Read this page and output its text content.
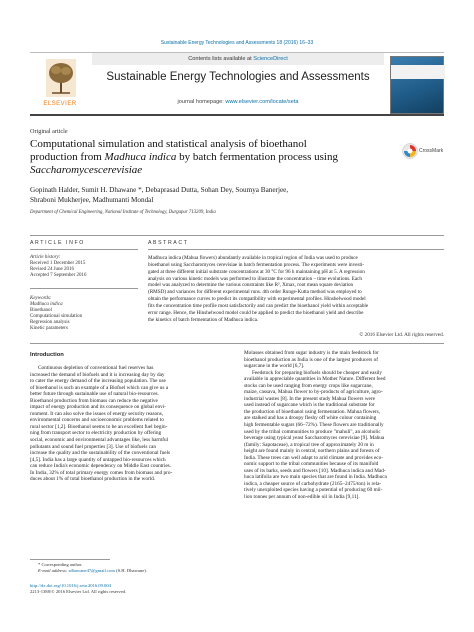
Sustainable Energy Technologies and Assessments 18 (2016) 16–33
ELSEVIER
Contents lists available at ScienceDirect
Sustainable Energy Technologies and Assessments
journal homepage: www.elsevier.com/locate/seta
Original article
Computational simulation and statistical analysis of bioethanol
production from Madhuca indica by batch fermentation process using
Saccharomycescerevisiae
CrossMark
Gopinath Halder, Sumit H. Dhawane *, Debaprasad Dutta, Sohan Dey, Soumya Banerjee,
Shraboni Mukherjee, Madhumanti Mondal
Department of Chemical Engineering, National Institute of Technology, Durgapur 713209, India
ARTICLE INFO	ABSTRACT
Article history:
Received 1 December 2015
Revised 24 June 2016
Accepted 7 September 2016
Keywords:
Madhuca indica
Bioethanol
Computational simulation
Regression analysis
Kinetic parameters
Madhuca indica (Mahua flowers) abundantly available in tropical region of India was used to produce
bioethanol using Saccharomyces cerevisiae in batch fermentation process. The experiments were investi-
gated at three different initial substrate concentrations at 30 °C for 96 h maintaining pH at 5. A regression
analysis on various kinetic models was performed to illustrate the concentration – time evolutions. Each
model was analyzed to determine the various constraints like R², Xmax, root mean square deviation
(RMSD) and variances for different experimental runs. 4th order Runge-Kutta method was employed to
obtain the performance curves to predict its compatibility with experimental profiles. Hinshelwood model
fits the concentration time profile most satisfactorily and can predict the bioethanol yield within acceptable
error range. Hence, the Hinshelwood model could be applied to predict the bioethanol yield and describe
the kinetics of batch fermentation of Madhuca indica.
© 2016 Elsevier Ltd. All rights reserved.
Introduction
Continuous depletion of conventional fuel reserves has
increased the demand of biofuels and it is increasing day by day
to cater the energy demand of the increasing population. The use
of bioethanol is such an example of a Biofuel which can give us a
better future through sustainable use of natural bio-resources.
Bioethanol production from biomass can reduce the negative
impact of energy production and its consequence on global envi-
ronment. It can also solve the issues of energy security reasons,
environmental concerns and socioeconomic problems related to
rural sector [1,2]. Bioethanol seems to be an excellent fuel begin-
ning from transport sector to electricity production by offering
social, economic and environmental advantages like, less harmful
pollutants and sound fuel properties [3]. Use of biofuels can
increase the quality and the sustainability of the conventional fuels
[4,5]. India has a large quantity of untapped bio-resources which
can reduce India's economic dependency on Middle East countries.
In India, 32% of total primary energy comes from biomass and pro-
duces about 1% of total bioethanol production in the world.
Molasses obtained from sugar industry is the main feedstock for
bioethanol production as India is one of the largest producers of
sugarcane in the world [6,7].
Feedstock for preparing biofuels should be cheaper and easily
available in appreciable quantities in Mother Nature. Different feed
stocks can be used ranging from energy crops like sugarcane,
maize, cassava, Mahua flower to by-products of agriculture, agro-
industrial wastes [8]. In the present study Mahua flowers were
used instead of sugarcane which is the traditional substrate for
the production of bioethanol using fermentation. Mahua flowers,
are stalked and has a droopy fleshy off white colour containing
high fermentable sugars (66–72%). These flowers are traditionally
used by the tribal communities to produce "mahuli", an alcoholic
beverage using typical yeast Saccharomyces cerevisiae [9]. Mahua
(family: Sapotaceae), a tropical tree of approximately 20 m in
height are found mainly in central, northern plains and forests of
India. These trees can well adapt to arid climate and provides eco-
nomic support to the tribal communities because of its manifold
uses of its barks, seeds and flowers [10]. Madhuca indica and Mad-
huca latifolia are two main species that are found in India. Madhuca
indica, a cheaper source of carbohydrate (2165–2475/ton) is rela-
tively unexploited species having a potential of producing 60 mil-
lion tonnes per annum of non-edible oil in India [9,11].
* Corresponding author.
E-mail address: sdhawane47@gmail.com (S.H. Dhawane).
http://dx.doi.org/10.1016/j.seta.2016.09.004
2213-1388/© 2016 Elsevier Ltd. All rights reserved.
